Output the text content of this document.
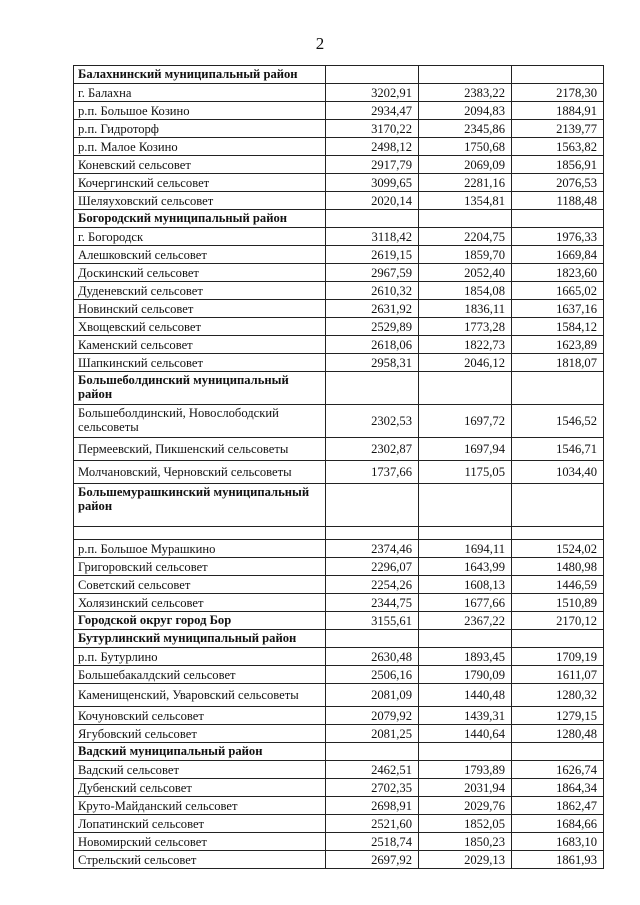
2
Балахнинский муниципальный район			
г. Балахна	3202,91	2383,22	2178,30
р.п. Большое Козино	2934,47	2094,83	1884,91
р.п. Гидроторф	3170,22	2345,86	2139,77
р.п. Малое Козино	2498,12	1750,68	1563,82
Коневский сельсовет	2917,79	2069,09	1856,91
Кочергинский сельсовет	3099,65	2281,16	2076,53
Шеляуховский сельсовет	2020,14	1354,81	1188,48
Богородский муниципальный район			
г. Богородск	3118,42	2204,75	1976,33
Алешковский сельсовет	2619,15	1859,70	1669,84
Доскинский сельсовет	2967,59	2052,40	1823,60
Дуденевский сельсовет	2610,32	1854,08	1665,02
Новинский сельсовет	2631,92	1836,11	1637,16
Хвощевский сельсовет	2529,89	1773,28	1584,12
Каменский сельсовет	2618,06	1822,73	1623,89
Шапкинский сельсовет	2958,31	2046,12	1818,07
Большеболдинский муниципальный район			
Большеболдинский, Новослободский сельсоветы	2302,53	1697,72	1546,52
Пермеевский, Пикшенский сельсоветы	2302,87	1697,94	1546,71
Молчановский, Черновский сельсоветы	1737,66	1175,05	1034,40
Большемурашкинский муниципальный район			

р.п. Большое Мурашкино	2374,46	1694,11	1524,02
Григоровский сельсовет	2296,07	1643,99	1480,98
Советский сельсовет	2254,26	1608,13	1446,59
Холязинский сельсовет	2344,75	1677,66	1510,89
Городской округ город Бор	3155,61	2367,22	2170,12
Бутурлинский муниципальный район			
р.п. Бутурлино	2630,48	1893,45	1709,19
Большебакалдский сельсовет	2506,16	1790,09	1611,07
Каменищенский, Уваровский сельсоветы	2081,09	1440,48	1280,32
Кочуновский сельсовет	2079,92	1439,31	1279,15
Ягубовский сельсовет	2081,25	1440,64	1280,48
Вадский муниципальный район			
Вадский сельсовет	2462,51	1793,89	1626,74
Дубенский сельсовет	2702,35	2031,94	1864,34
Круто-Майданский сельсовет	2698,91	2029,76	1862,47
Лопатинский сельсовет	2521,60	1852,05	1684,66
Новомирский сельсовет	2518,74	1850,23	1683,10
Стрельский сельсовет	2697,92	2029,13	1861,93
